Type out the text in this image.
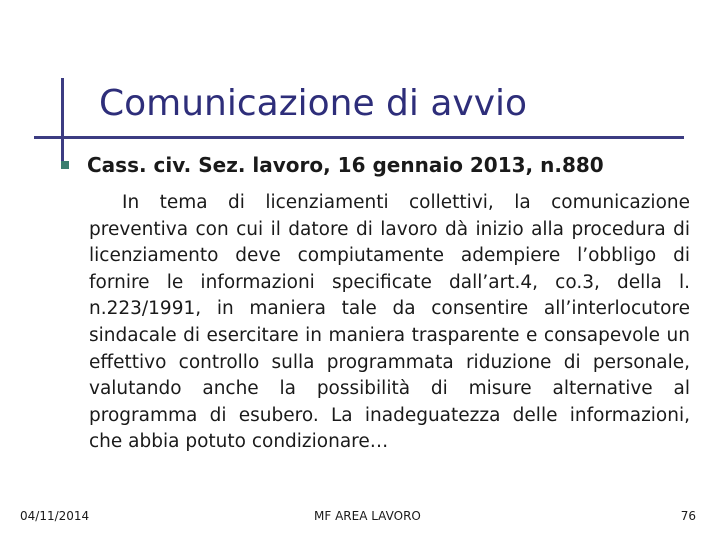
Comunicazione di avvio
Cass. civ. Sez. lavoro, 16 gennaio 2013, n.880

In tema di licenziamenti collettivi, la comunicazione preventiva con cui il datore di lavoro dà inizio alla procedura di licenziamento deve compiutamente adempiere l’obbligo di fornire le informazioni specificate dall’art.4, co.3, della l. n.223/1991, in maniera tale da consentire all’interlocutore sindacale di esercitare in maniera trasparente e consapevole un effettivo controllo sulla programmata riduzione di personale, valutando anche la possibilità di misure alternative al programma di esubero. La inadeguatezza delle informazioni, che abbia potuto condizionare…

04/11/2014	MF AREA LAVORO	76
